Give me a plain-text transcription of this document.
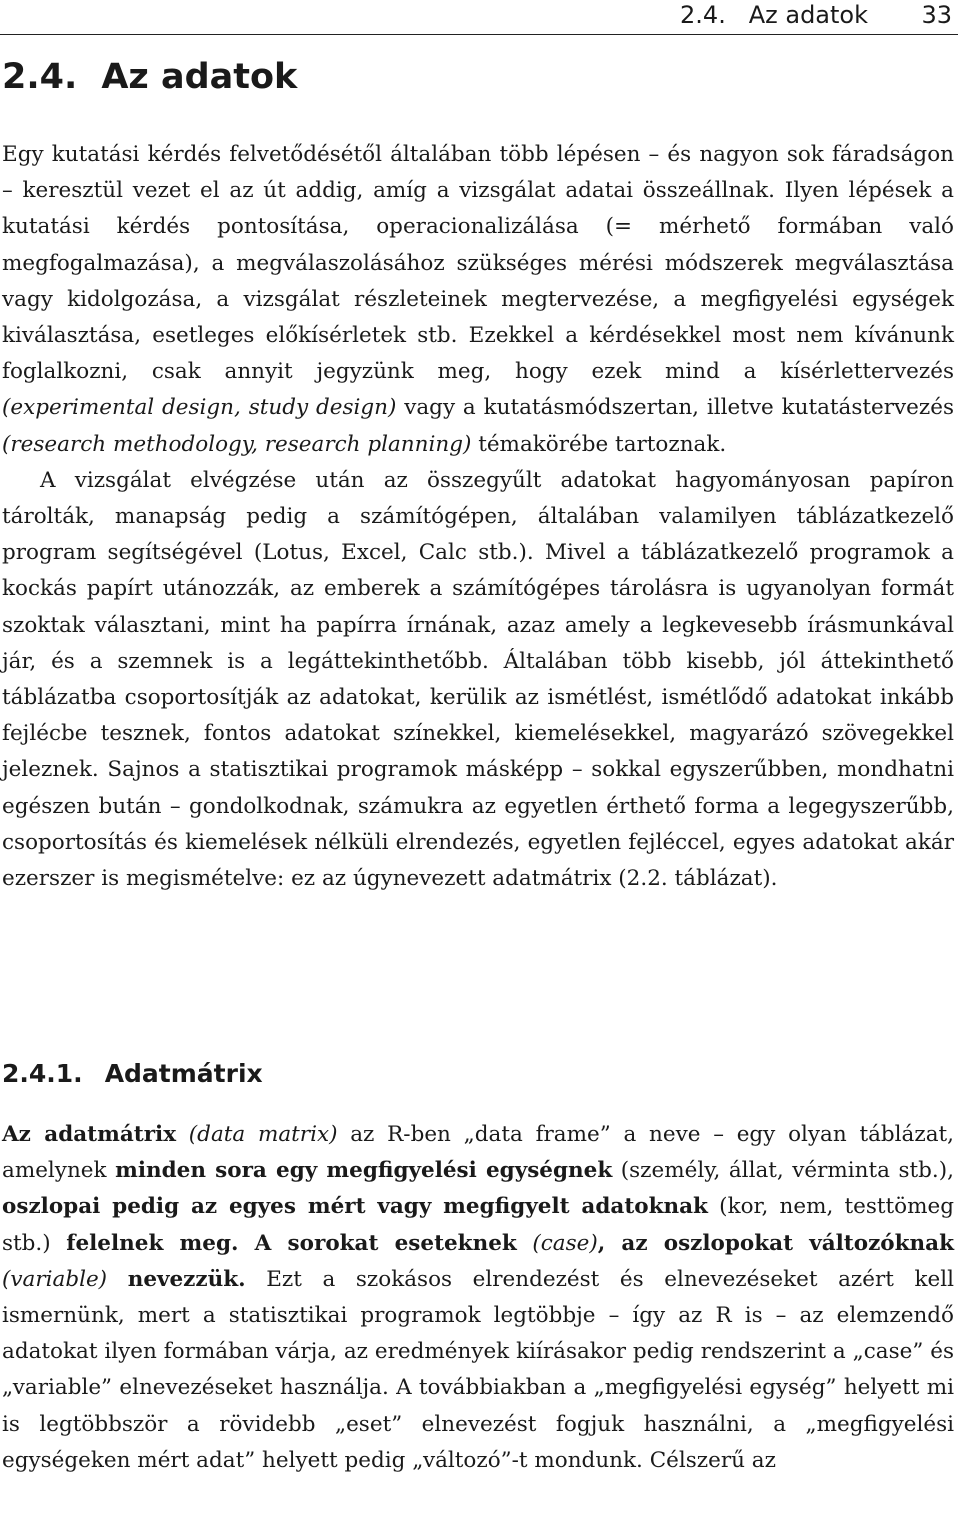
2.4.   Az adatok 33
2.4. Az adatok

Egy kutatási kérdés felvetődésétől általában több lépésen – és nagyon sok fáradságon – keresztül vezet el az út addig, amíg a vizsgálat adatai összeállnak. Ilyen lépések a kutatási kérdés pontosítása, operacionalizálása (= mérhető formában való megfogalmazása), a megválaszolásához szükséges mérési módszerek megválasztása vagy kidolgozása, a vizsgálat részleteinek megtervezése, a megfigyelési egységek kiválasztása, esetleges előkísérletek stb. Ezekkel a kérdésekkel most nem kívánunk foglalkozni, csak annyit jegyzünk meg, hogy ezek mind a kísérlettervezés (experimental design, study design) vagy a kutatásmódszertan, illetve kutatástervezés (research methodology, research planning) témakörébe tartoznak.

A vizsgálat elvégzése után az összegyűlt adatokat hagyományosan papíron tárolták, manapság pedig a számítógépen, általában valamilyen táblázatkezelő program segítségével (Lotus, Excel, Calc stb.). Mivel a táblázatkezelő programok a kockás papírt utánozzák, az emberek a számítógépes tárolásra is ugyanolyan formát szoktak választani, mint ha papírra írnának, azaz amely a legkevesebb írásmunkával jár, és a szemnek is a legáttekinthetőbb. Általában több kisebb, jól áttekinthető táblázatba csoportosítják az adatokat, kerülik az ismétlést, ismétlődő adatokat inkább fejlécbe tesznek, fontos adatokat színekkel, kiemelésekkel, magyarázó szövegekkel jeleznek. Sajnos a statisztikai programok másképp – sokkal egyszerűbben, mondhatni egészen bután – gondolkodnak, számukra az egyetlen érthető forma a legegyszerűbb, csoportosítás és kiemelések nélküli elrendezés, egyetlen fejléccel, egyes adatokat akár ezerszer is megismételve: ez az úgynevezett adatmátrix (2.2. táblázat).

2.4.1. Adatmátrix

Az adatmátrix (data matrix) az R-ben „data frame” a neve – egy olyan táblázat, amelynek minden sora egy megfigyelési egységnek (személy, állat, vérminta stb.), oszlopai pedig az egyes mért vagy megfigyelt adatoknak (kor, nem, testtömeg stb.) felelnek meg. A sorokat eseteknek (case), az oszlopokat változóknak (variable) nevezzük. Ezt a szokásos elrendezést és elnevezéseket azért kell ismernünk, mert a statisztikai programok legtöbbje – így az R is – az elemzendő adatokat ilyen formában várja, az eredmények kiírásakor pedig rendszerint a „case” és „variable” elnevezéseket használja. A továbbiakban a „megfigyelési egység” helyett mi is legtöbbször a rövidebb „eset” elnevezést fogjuk használni, a „megfigyelési egységeken mért adat” helyett pedig „változó”-t mondunk. Célszerű az
